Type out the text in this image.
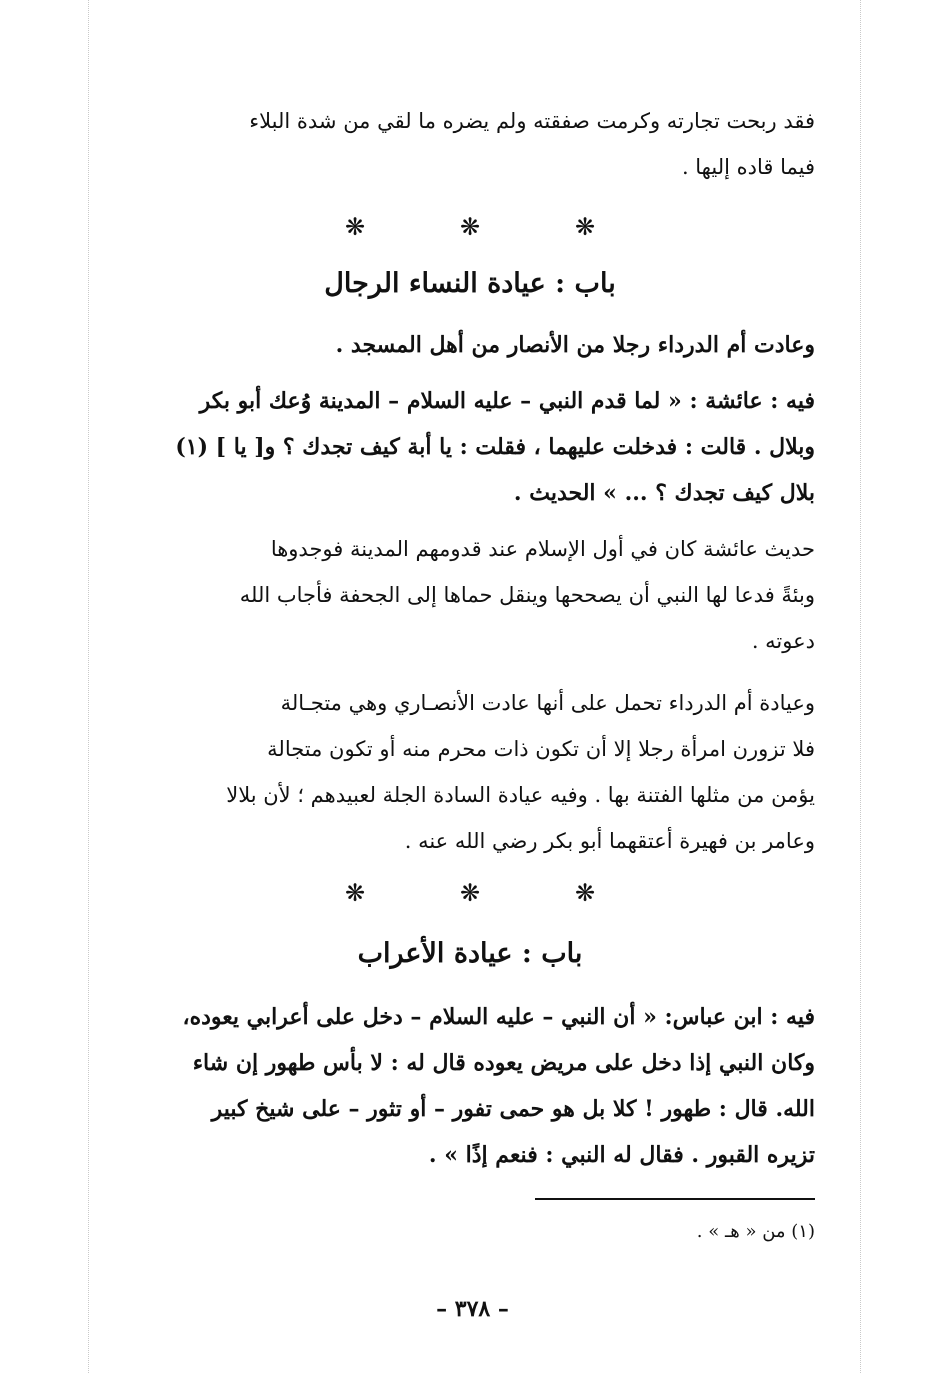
فقد ربحت تجارته وكرمت صفقته ولم يضره ما لقي من شدة البلاء
فيما قاده إليها .
❋	❋	❋
باب : عيادة النساء الرجال
وعادت أم الدرداء رجلا من الأنصار من أهل المسجد .
فيه : عائشة : « لما قدم النبي – عليه السلام – المدينة وُعك أبو بكر
وبلال . قالت : فدخلت عليهما ، فقلت : يا أبة كيف تجدك ؟ و[ يا ] (١)
بلال كيف تجدك ؟ ... » الحديث .
حديث عائشة كان في أول الإسلام عند قدومهم المدينة فوجدوها
وبئةً فدعا لها النبي أن يصححها وينقل حماها إلى الجحفة فأجاب الله
دعوته .
وعيادة أم الدرداء تحمل على أنها عادت الأنصـاري وهي متجـالة
فلا تزورن امرأة رجلا إلا أن تكون ذات محرم منه أو تكون متجالة
يؤمن من مثلها الفتنة بها . وفيه عيادة السادة الجلة لعبيدهم ؛ لأن بلالا
وعامر بن فهيرة أعتقهما أبو بكر رضي الله عنه .
❋	❋	❋
باب : عيادة الأعراب
فيه : ابن عباس: « أن النبي – عليه السلام – دخل على أعرابي يعوده،
وكان النبي إذا دخل على مريض يعوده قال له : لا بأس طهور إن شاء
الله. قال : طهور ! كلا بل هو حمى تفور – أو تثور – على شيخ كبير
تزيره القبور . فقال له النبي : فنعم إذًا » .
(١) من « هـ » .
– ٣٧٨ –
